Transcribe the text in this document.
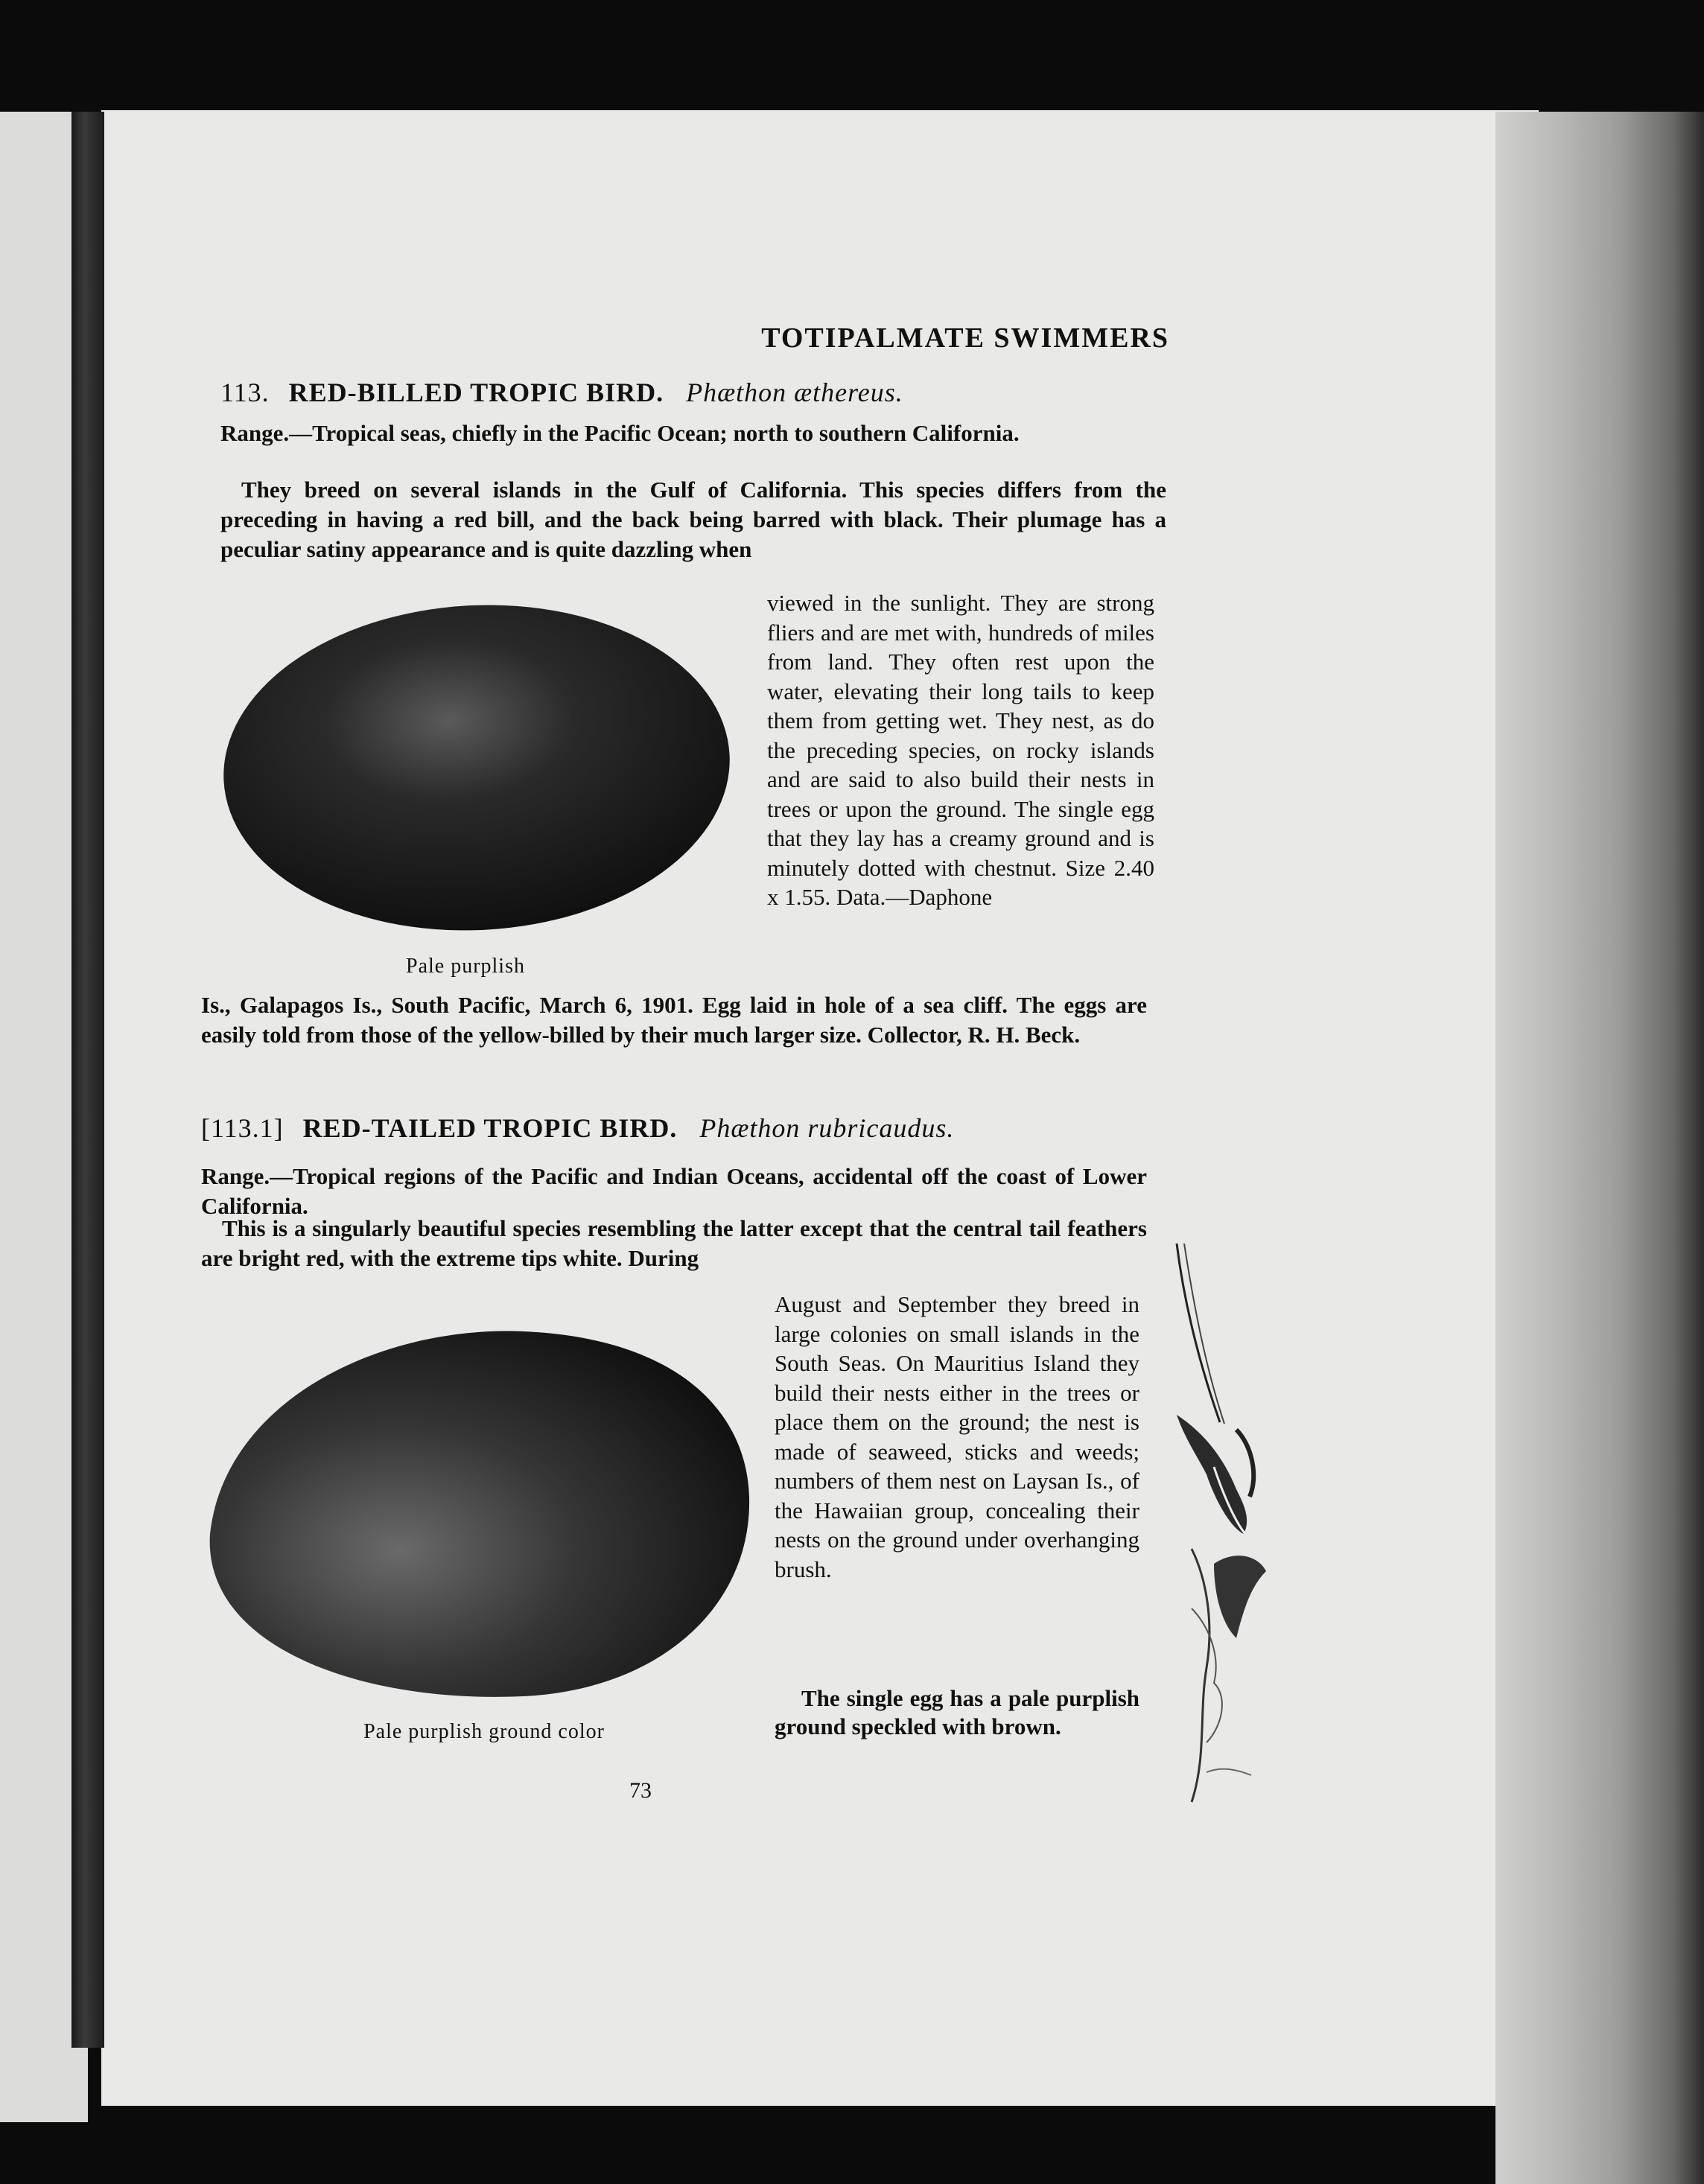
TOTIPALMATE SWIMMERS
113. RED-BILLED TROPIC BIRD. Phæthon æthereus.

Range.—Tropical seas, chiefly in the Pacific Ocean; north to southern California.

They breed on several islands in the Gulf of California. This species differs from the preceding in having a red bill, and the back being barred with black. Their plumage has a peculiar satiny appearance and is quite dazzling when

Pale purplish

viewed in the sunlight. They are strong fliers and are met with, hundreds of miles from land. They often rest upon the water, elevating their long tails to keep them from getting wet. They nest, as do the preceding species, on rocky islands and are said to also build their nests in trees or upon the ground. The single egg that they lay has a creamy ground and is minutely dotted with chestnut. Size 2.40 x 1.55. Data.—Daphone

Is., Galapagos Is., South Pacific, March 6, 1901. Egg laid in hole of a sea cliff. The eggs are easily told from those of the yellow-billed by their much larger size. Collector, R. H. Beck.

[113.1] RED-TAILED TROPIC BIRD. Phæthon rubricaudus.

Range.—Tropical regions of the Pacific and Indian Oceans, accidental off the coast of Lower California.

This is a singularly beautiful species resembling the latter except that the central tail feathers are bright red, with the extreme tips white. During

Pale purplish ground color

August and September they breed in large colonies on small islands in the South Seas. On Mauritius Island they build their nests either in the trees or place them on the ground; the nest is made of seaweed, sticks and weeds; numbers of them nest on Laysan Is., of the Hawaiian group, concealing their nests on the ground under overhanging brush.

The single egg has a pale purplish ground speckled with brown.

73
